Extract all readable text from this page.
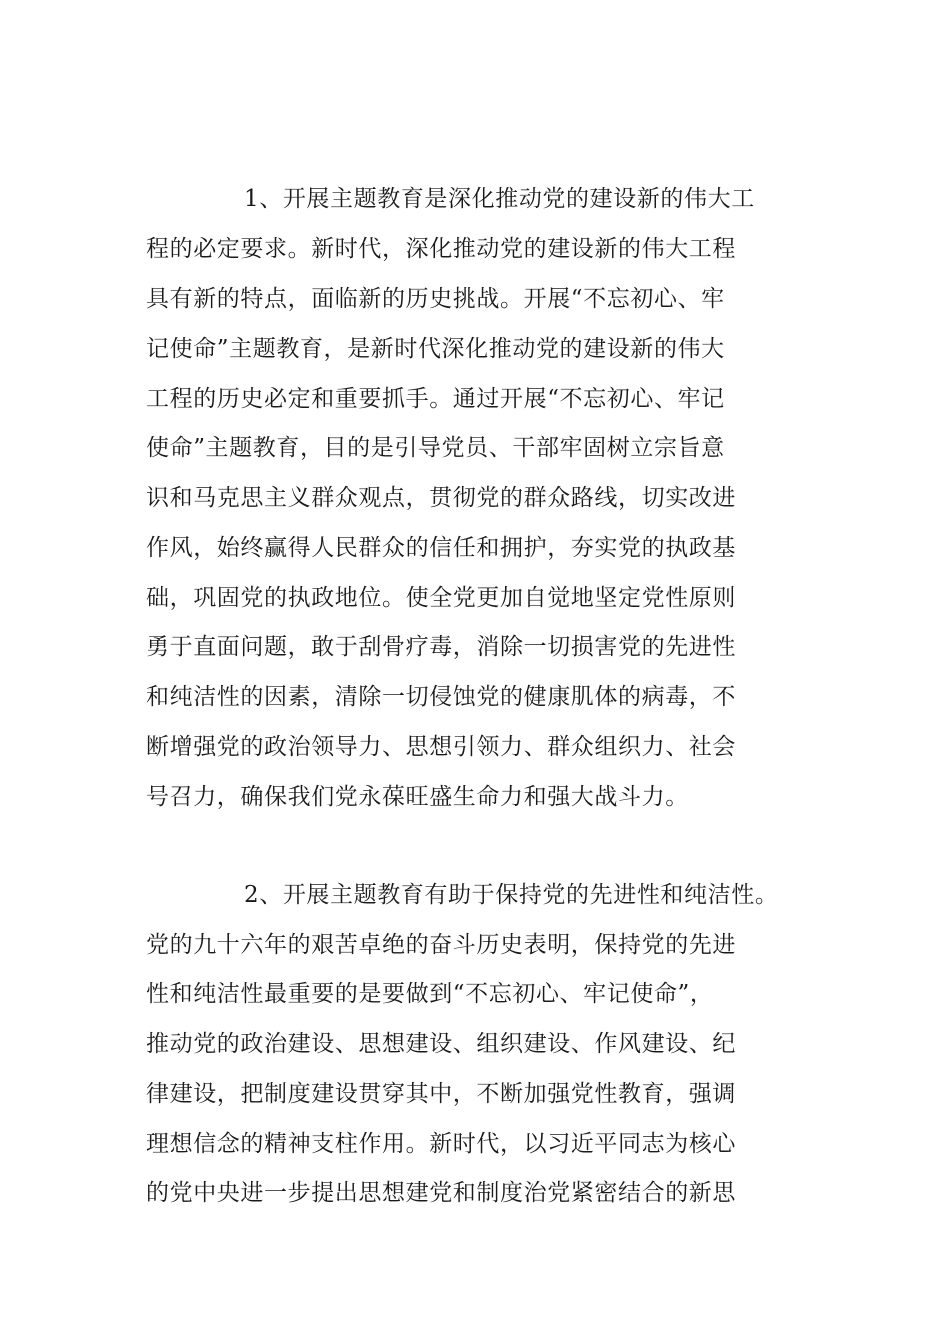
1、开展主题教育是深化推动党的建设新的伟大工

程的必定要求。新时代，深化推动党的建设新的伟大工程

具有新的特点，面临新的历史挑战。开展“不忘初心、牢

记使命”主题教育，是新时代深化推动党的建设新的伟大

工程的历史必定和重要抓手。通过开展“不忘初心、牢记

使命”主题教育，目的是引导党员、干部牢固树立宗旨意

识和马克思主义群众观点，贯彻党的群众路线，切实改进

作风，始终赢得人民群众的信任和拥护，夯实党的执政基

础，巩固党的执政地位。使全党更加自觉地坚定党性原则

勇于直面问题，敢于刮骨疗毒，消除一切损害党的先进性

和纯洁性的因素，清除一切侵蚀党的健康肌体的病毒，不

断增强党的政治领导力、思想引领力、群众组织力、社会

号召力，确保我们党永葆旺盛生命力和强大战斗力。

2、开展主题教育有助于保持党的先进性和纯洁性。

党的九十六年的艰苦卓绝的奋斗历史表明，保持党的先进

性和纯洁性最重要的是要做到“不忘初心、牢记使命”，

推动党的政治建设、思想建设、组织建设、作风建设、纪

律建设，把制度建设贯穿其中，不断加强党性教育，强调

理想信念的精神支柱作用。新时代，以习近平同志为核心

的党中央进一步提出思想建党和制度治党紧密结合的新思
